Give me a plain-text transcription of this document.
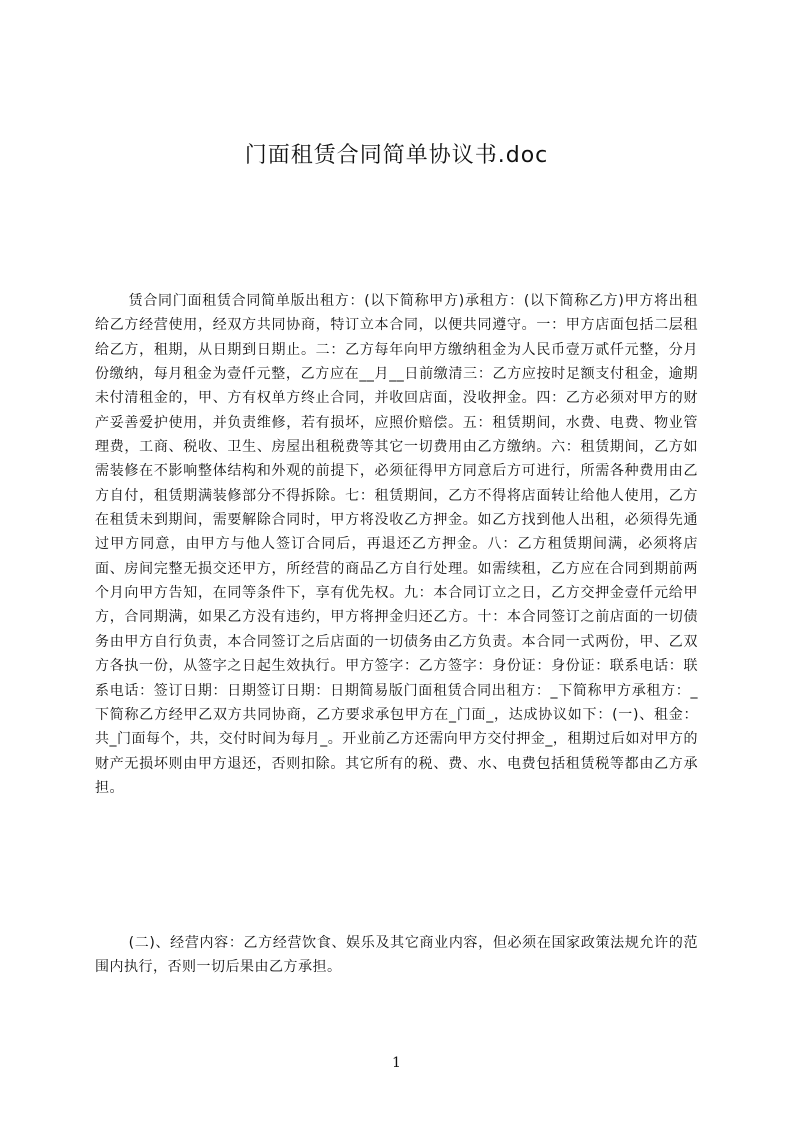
门面租赁合同简单协议书.doc

赁合同门面租赁合同简单版出租方：(以下简称甲方)承租方：(以下简称乙方)甲方将出租给乙方经营使用，经双方共同协商，特订立本合同，以便共同遵守。一：甲方店面包括二层租给乙方，租期，从日期到日期止。二：乙方每年向甲方缴纳租金为人民币壹万贰仟元整，分月份缴纳，每月租金为壹仟元整，乙方应在__月__日前缴清三：乙方应按时足额支付租金，逾期未付清租金的，甲、方有权单方终止合同，并收回店面，没收押金。四：乙方必须对甲方的财产妥善爱护使用，并负责维修，若有损坏，应照价赔偿。五：租赁期间，水费、电费、物业管理费，工商、税收、卫生、房屋出租税费等其它一切费用由乙方缴纳。六：租赁期间，乙方如需装修在不影响整体结构和外观的前提下，必须征得甲方同意后方可进行，所需各种费用由乙方自付，租赁期满装修部分不得拆除。七：租赁期间，乙方不得将店面转让给他人使用，乙方在租赁未到期间，需要解除合同时，甲方将没收乙方押金。如乙方找到他人出租，必须得先通过甲方同意，由甲方与他人签订合同后，再退还乙方押金。八：乙方租赁期间满，必须将店面、房间完整无损交还甲方，所经营的商品乙方自行处理。如需续租，乙方应在合同到期前两个月向甲方告知，在同等条件下，享有优先权。九：本合同订立之日，乙方交押金壹仟元给甲方，合同期满，如果乙方没有违约，甲方将押金归还乙方。十：本合同签订之前店面的一切债务由甲方自行负责，本合同签订之后店面的一切债务由乙方负责。本合同一式两份，甲、乙双方各执一份，从签字之日起生效执行。甲方签字：乙方签字：身份证：身份证：联系电话：联系电话：签订日期：日期签订日期：日期简易版门面租赁合同出租方：_下简称甲方承租方：_下简称乙方经甲乙双方共同协商，乙方要求承包甲方在_门面_，达成协议如下：(一)、租金：共_门面每个，共，交付时间为每月_。开业前乙方还需向甲方交付押金_，租期过后如对甲方的财产无损坏则由甲方退还，否则扣除。其它所有的税、费、水、电费包括租赁税等都由乙方承担。

(二)、经营内容：乙方经营饮食、娱乐及其它商业内容，但必须在国家政策法规允许的范围内执行，否则一切后果由乙方承担。

1
